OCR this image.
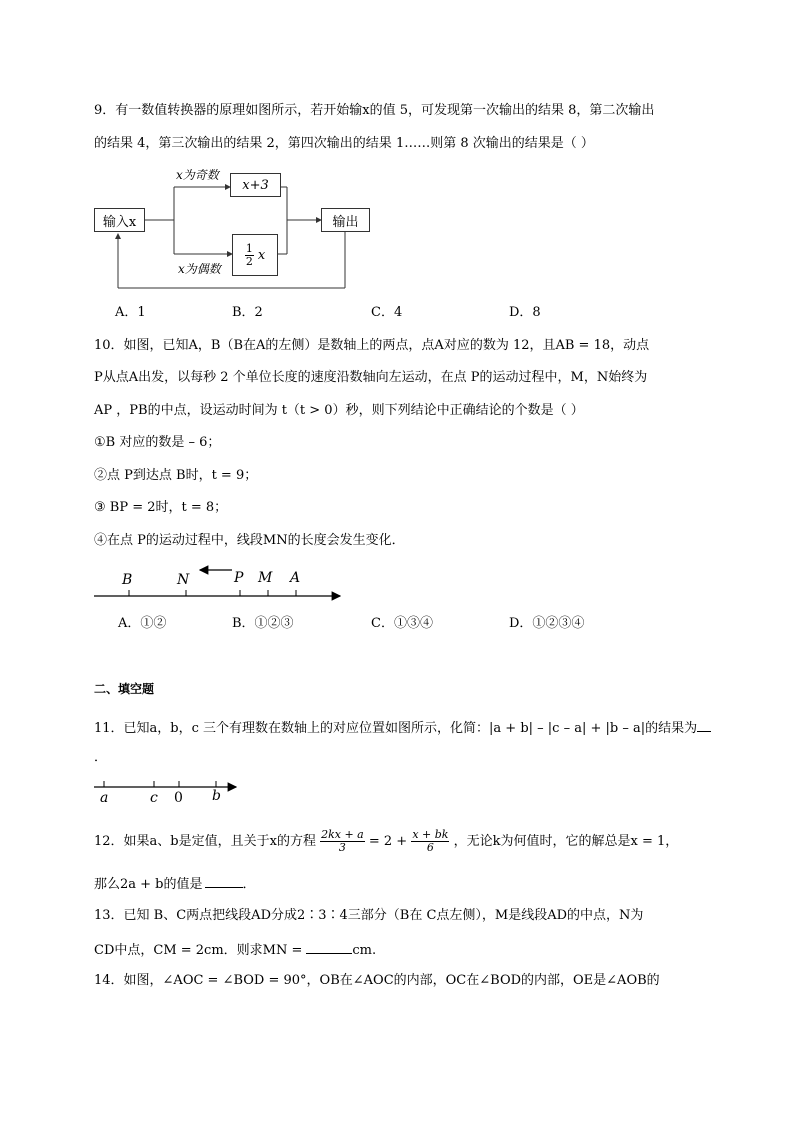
9．有一数值转换器的原理如图所示，若开始输x的值 5，可发现第一次输出的结果 8，第二次输出
的结果 4，第三次输出的结果 2，第四次输出的结果 1……则第 8 次输出的结果是（ ）
输入x
x为奇数
x+3
$\frac{1}{2}$ x
x为偶数
输出
A．1	B．2	C．4	D．8
10．如图，已知A，B（B在A的左侧）是数轴上的两点，点A对应的数为 12，且AB = 18，动点
P从点A出发，以每秒 2 个单位长度的速度沿数轴向左运动，在点 P的运动过程中，M，N始终为
AP ，PB的中点，设运动时间为 t（t > 0）秒，则下列结论中正确结论的个数是（ ）
①B 对应的数是 – 6；
②点 P到达点 B时，t = 9；
③ BP = 2时，t = 8；
④在点 P的运动过程中，线段MN的长度会发生变化．
B	N	P M A
A．①②	B．①②③	C．①③④	D．①②③④
二、填空题
11．已知a，b，c 三个有理数在数轴上的对应位置如图所示，化简：|a + b| – |c – a| + |b – a|的结果为
．
a	c 0 b
12．如果a、b是定值，且关于x的方程 $\frac{2kx + a}{3} = 2 + \frac{x + bk}{6}$ ，无论k为何值时，它的解总是x = 1，
那么2a + b的值是	．
13．已知 B、C两点把线段AD分成2∶3∶4三部分（B在 C点左侧），M是线段AD的中点，N为
CD中点，CM = 2cm．则求MN =	cm.
14．如图，∠AOC = ∠BOD = 90°，OB在∠AOC的内部，OC在∠BOD的内部，OE是∠AOB的
